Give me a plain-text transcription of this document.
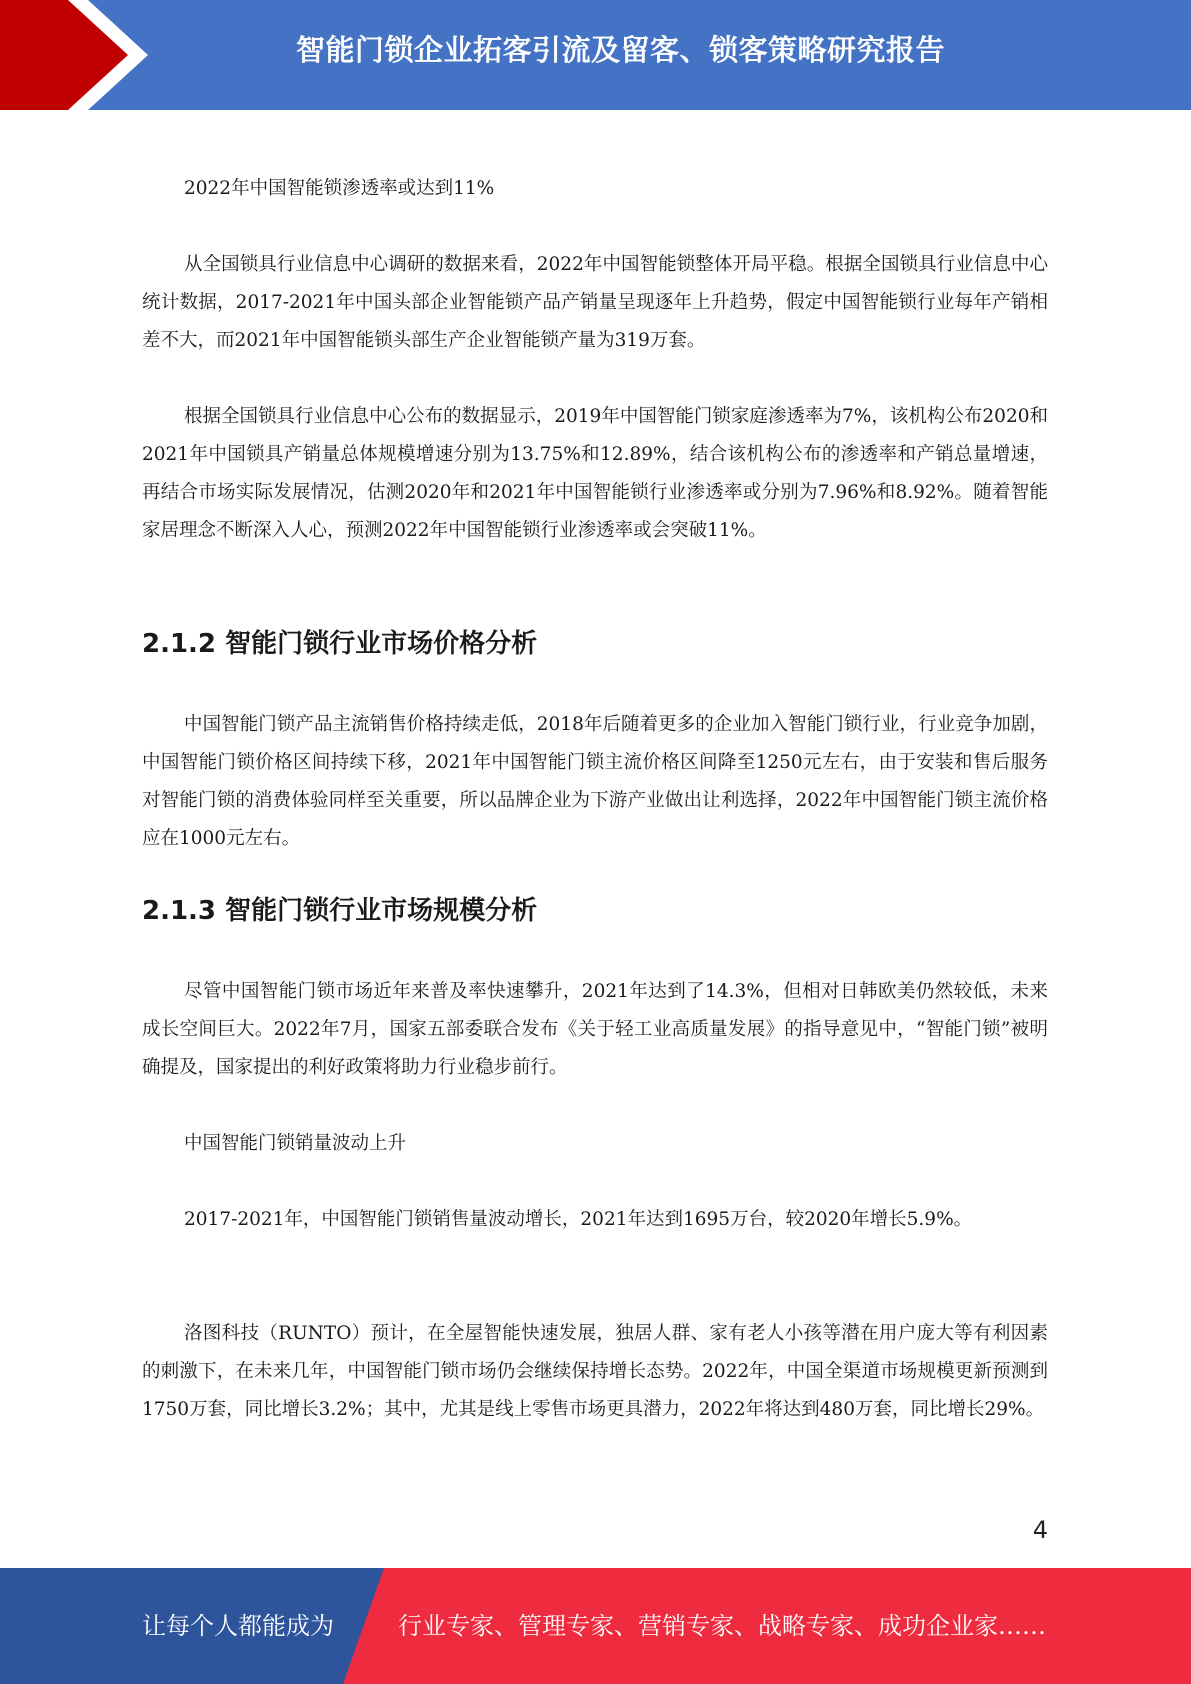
智能门锁企业拓客引流及留客、锁客策略研究报告

2022年中国智能锁渗透率或达到11%

从全国锁具行业信息中心调研的数据来看，2022年中国智能锁整体开局平稳。根据全国锁具行业信息中心统计数据，2017-2021年中国头部企业智能锁产品产销量呈现逐年上升趋势，假定中国智能锁行业每年产销相差不大，而2021年中国智能锁头部生产企业智能锁产量为319万套。

根据全国锁具行业信息中心公布的数据显示，2019年中国智能门锁家庭渗透率为7%，该机构公布2020和2021年中国锁具产销量总体规模增速分别为13.75%和12.89%，结合该机构公布的渗透率和产销总量增速，再结合市场实际发展情况，估测2020年和2021年中国智能锁行业渗透率或分别为7.96%和8.92%。随着智能家居理念不断深入人心，预测2022年中国智能锁行业渗透率或会突破11%。

2.1.2 智能门锁行业市场价格分析

中国智能门锁产品主流销售价格持续走低，2018年后随着更多的企业加入智能门锁行业，行业竞争加剧，中国智能门锁价格区间持续下移，2021年中国智能门锁主流价格区间降至1250元左右，由于安装和售后服务对智能门锁的消费体验同样至关重要，所以品牌企业为下游产业做出让利选择，2022年中国智能门锁主流价格应在1000元左右。

2.1.3 智能门锁行业市场规模分析

尽管中国智能门锁市场近年来普及率快速攀升，2021年达到了14.3%，但相对日韩欧美仍然较低，未来成长空间巨大。2022年7月，国家五部委联合发布《关于轻工业高质量发展》的指导意见中，“智能门锁”被明确提及，国家提出的利好政策将助力行业稳步前行。

中国智能门锁销量波动上升

2017-2021年，中国智能门锁销售量波动增长，2021年达到1695万台，较2020年增长5.9%。

洛图科技（RUNTO）预计，在全屋智能快速发展，独居人群、家有老人小孩等潜在用户庞大等有利因素的刺激下，在未来几年，中国智能门锁市场仍会继续保持增长态势。2022年，中国全渠道市场规模更新预测到1750万套，同比增长3.2%；其中，尤其是线上零售市场更具潜力，2022年将达到480万套，同比增长29%。

4
让每个人都能成为	行业专家、管理专家、营销专家、战略专家、成功企业家……
